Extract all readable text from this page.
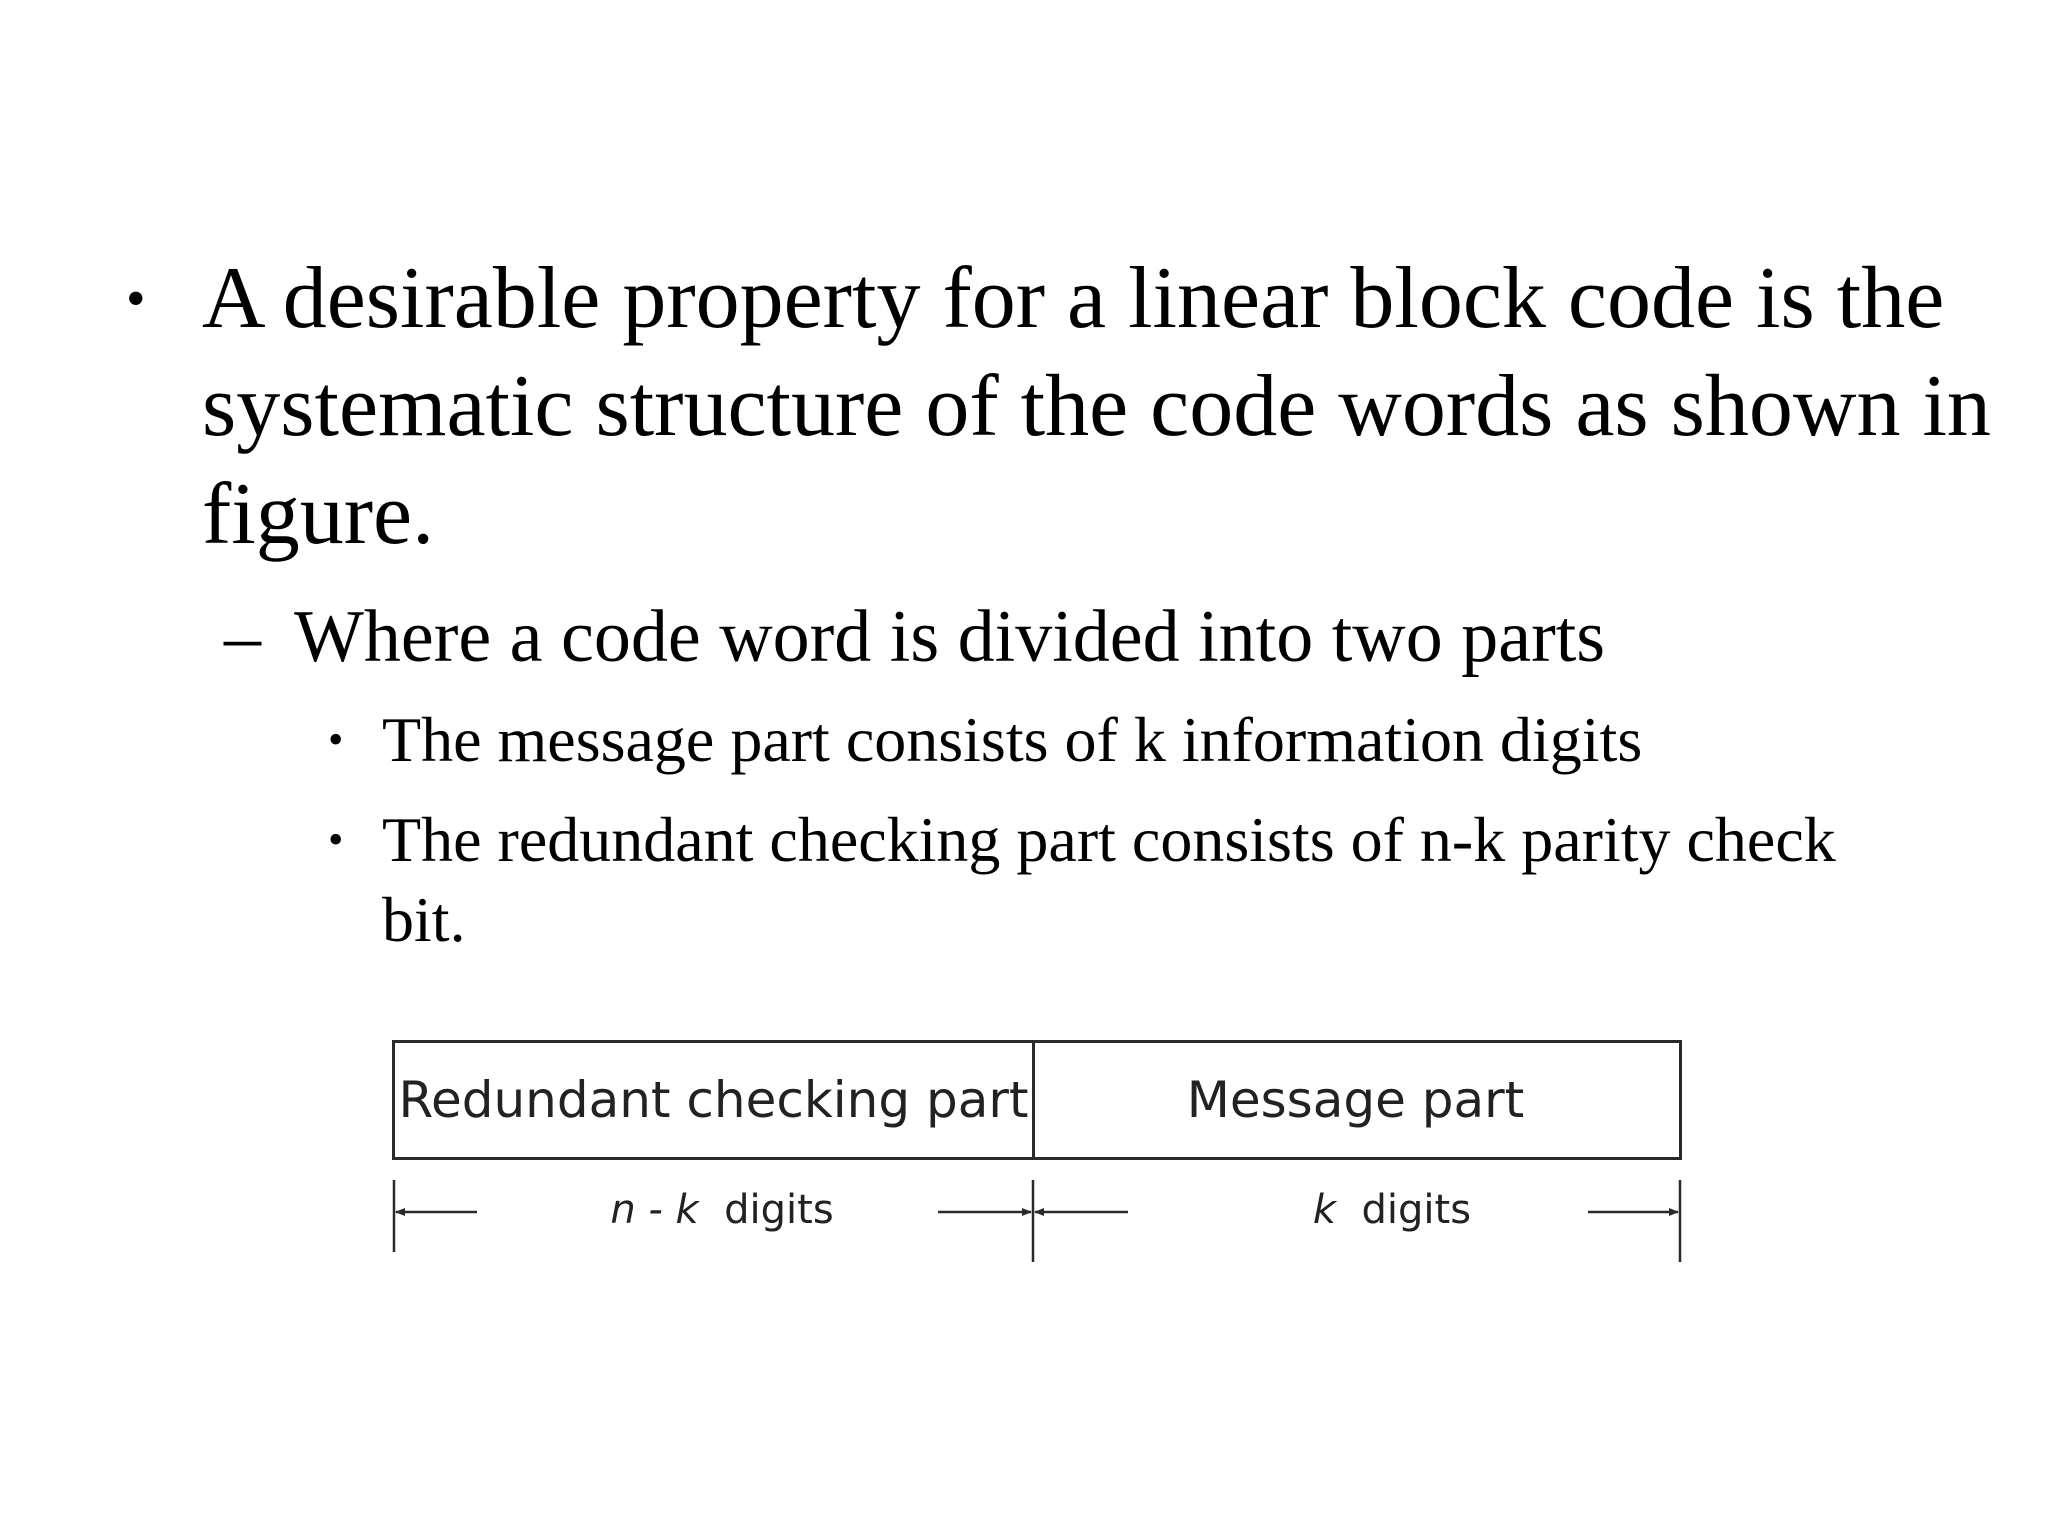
• A desirable property for a linear block code is the systematic structure of the code words as shown in figure.
– Where a code word is divided into two parts
• The message part consists of k information digits
• The redundant checking part consists of n-k parity check bit.
Redundant checking part	Message part
n - k digits	k digits
